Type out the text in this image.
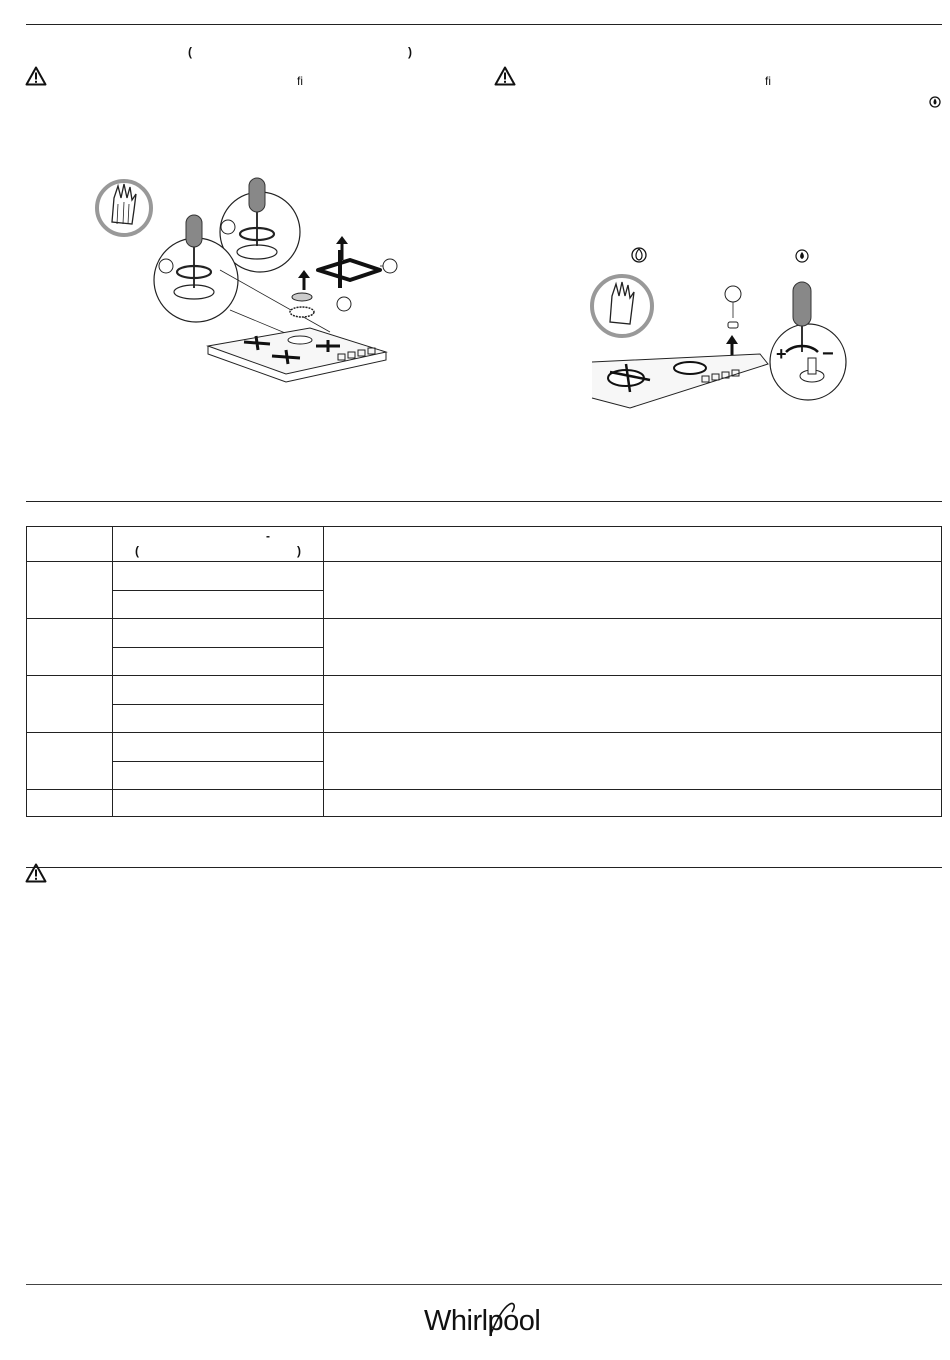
(	)
ﬁ	ﬁ
+ −

	-
( )	

Whirlpool
